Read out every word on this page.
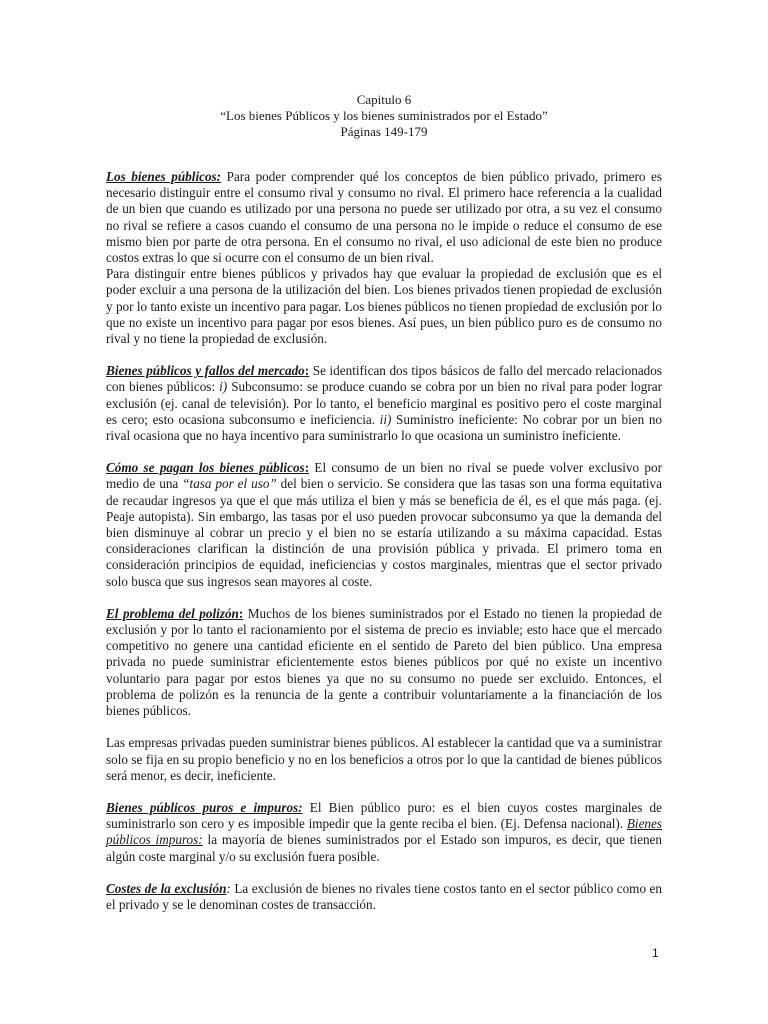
Capitulo 6
“Los bienes Públicos y los bienes suministrados por el Estado”
Páginas 149-179

Los bienes públicos: Para poder comprender qué los conceptos de bien público privado, primero es necesario distinguir entre el consumo rival y consumo no rival. El primero hace referencia a la cualidad de un bien que cuando es utilizado por una persona no puede ser utilizado por otra, a su vez el consumo no rival se refiere a casos cuando el consumo de una persona no le impide o reduce el consumo de ese mismo bien por parte de otra persona. En el consumo no rival, el uso adicional de este bien no produce costos extras lo que si ocurre con el consumo de un bien rival.

Para distinguir entre bienes públicos y privados hay que evaluar la propiedad de exclusión que es el poder excluir a una persona de la utilización del bien. Los bienes privados tienen propiedad de exclusión y por lo tanto existe un incentivo para pagar. Los bienes públicos no tienen propiedad de exclusión por lo que no existe un incentivo para pagar por esos bienes. Así pues, un bien público puro es de consumo no rival y no tiene la propiedad de exclusión.

Bienes públicos y fallos del mercado: Se identifican dos tipos básicos de fallo del mercado relacionados con bienes públicos: i) Subconsumo: se produce cuando se cobra por un bien no rival para poder lograr exclusión (ej. canal de televisión). Por lo tanto, el beneficio marginal es positivo pero el coste marginal es cero; esto ocasiona subconsumo e ineficiencia. ii) Suministro ineficiente: No cobrar por un bien no rival ocasiona que no haya incentivo para suministrarlo lo que ocasiona un suministro ineficiente.

Cómo se pagan los bienes públicos: El consumo de un bien no rival se puede volver exclusivo por medio de una “tasa por el uso” del bien o servicio. Se considera que las tasas son una forma equitativa de recaudar ingresos ya que el que más utiliza el bien y más se beneficia de él, es el que más paga. (ej. Peaje autopista). Sin embargo, las tasas por el uso pueden provocar subconsumo ya que la demanda del bien disminuye al cobrar un precio y el bien no se estaría utilizando a su máxima capacidad. Estas consideraciones clarifican la distinción de una provisión pública y privada. El primero toma en consideración principios de equidad, ineficiencias y costos marginales, mientras que el sector privado solo busca que sus ingresos sean mayores al coste.

El problema del polizón: Muchos de los bienes suministrados por el Estado no tienen la propiedad de exclusión y por lo tanto el racionamiento por el sistema de precio es inviable; esto hace que el mercado competitivo no genere una cantidad eficiente en el sentido de Pareto del bien público. Una empresa privada no puede suministrar eficientemente estos bienes públicos por qué no existe un incentivo voluntario para pagar por estos bienes ya que no su consumo no puede ser excluido. Entonces, el problema de polizón es la renuncia de la gente a contribuir voluntariamente a la financiación de los bienes públicos.

Las empresas privadas pueden suministrar bienes públicos. Al establecer la cantidad que va a suministrar solo se fija en su propio beneficio y no en los beneficios a otros por lo que la cantidad de bienes públicos será menor, es decir, ineficiente.

Bienes públicos puros e impuros: El Bien público puro: es el bien cuyos costes marginales de suministrarlo son cero y es imposible impedir que la gente reciba el bien. (Ej. Defensa nacional). Bienes públicos impuros: la mayoría de bienes suministrados por el Estado son impuros, es decir, que tienen algún coste marginal y/o su exclusión fuera posible.

Costes de la exclusión: La exclusión de bienes no rivales tiene costos tanto en el sector público como en el privado y se le denominan costes de transacción.

1
